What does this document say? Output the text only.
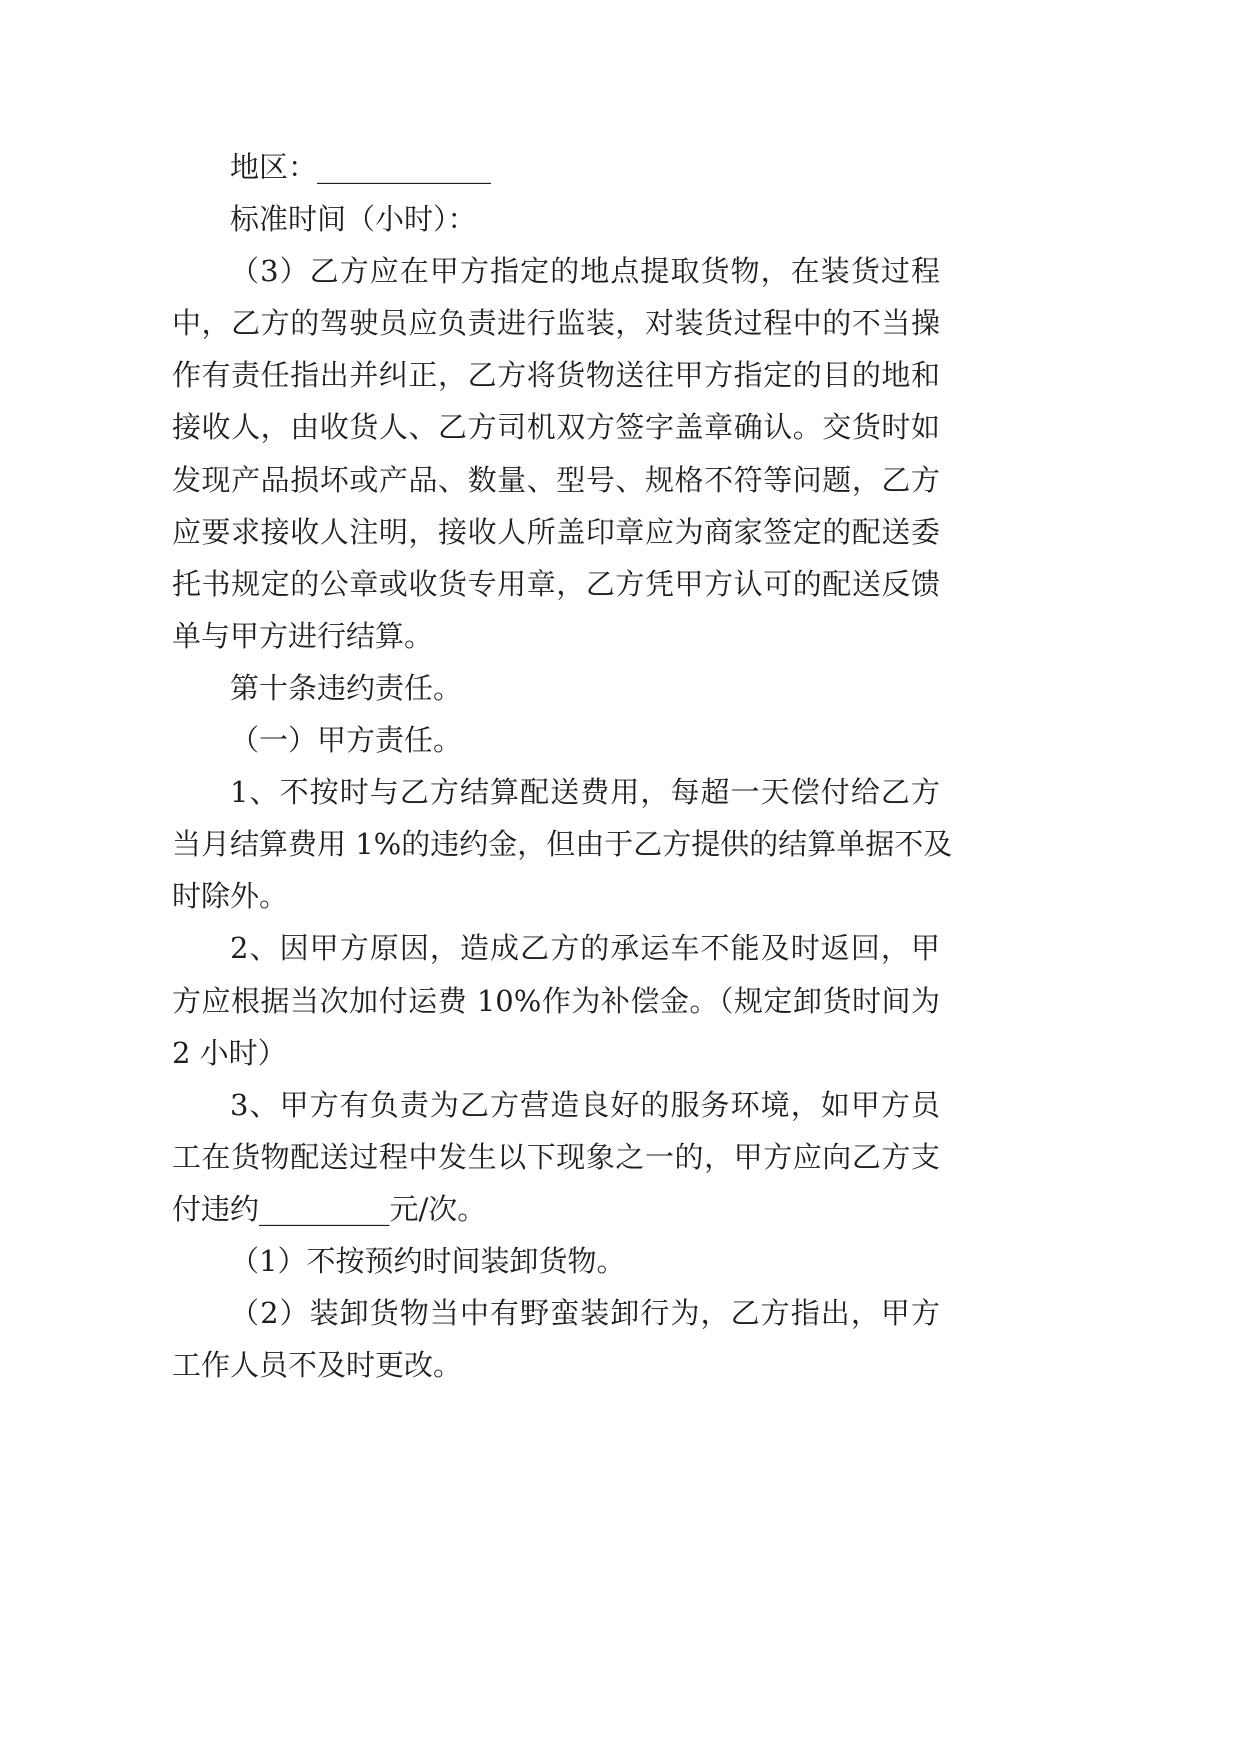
地区：____________
标准时间（小时）：
（3）乙方应在甲方指定的地点提取货物，在装货过程
中，乙方的驾驶员应负责进行监装，对装货过程中的不当操
作有责任指出并纠正，乙方将货物送往甲方指定的目的地和
接收人，由收货人、乙方司机双方签字盖章确认。交货时如
发现产品损坏或产品、数量、型号、规格不符等问题，乙方
应要求接收人注明，接收人所盖印章应为商家签定的配送委
托书规定的公章或收货专用章，乙方凭甲方认可的配送反馈
单与甲方进行结算。
第十条违约责任。
（一）甲方责任。
1、不按时与乙方结算配送费用，每超一天偿付给乙方
当月结算费用 1%的违约金，但由于乙方提供的结算单据不及
时除外。
2、因甲方原因，造成乙方的承运车不能及时返回，甲
方应根据当次加付运费 10%作为补偿金。（规定卸货时间为
2 小时）
3、甲方有负责为乙方营造良好的服务环境，如甲方员
工在货物配送过程中发生以下现象之一的，甲方应向乙方支
付违约_________元/次。
（1）不按预约时间装卸货物。
（2）装卸货物当中有野蛮装卸行为，乙方指出，甲方
工作人员不及时更改。
